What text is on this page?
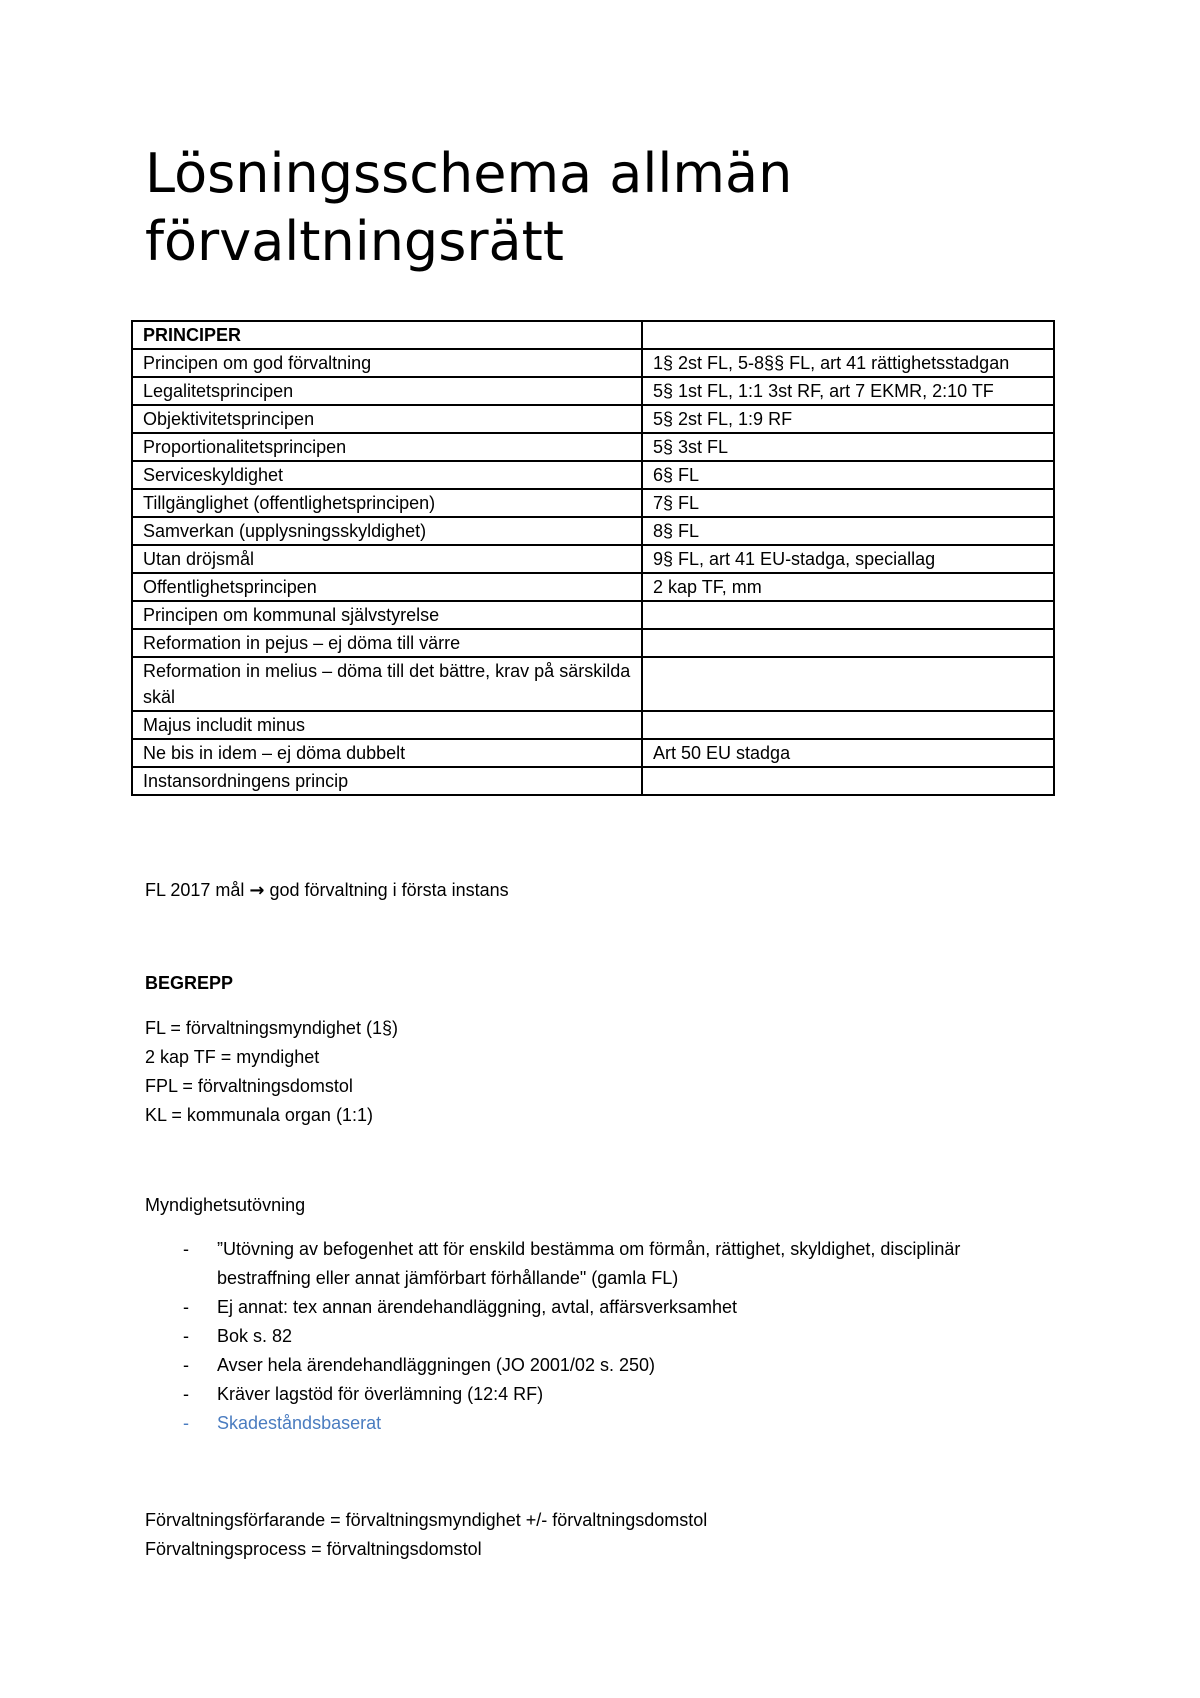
Lösningsschema allmän förvaltningsrätt
PRINCIPER	
Principen om god förvaltning	1§ 2st FL, 5-8§§ FL, art 41 rättighetsstadgan
Legalitetsprincipen	5§ 1st FL, 1:1 3st RF, art 7 EKMR, 2:10 TF
Objektivitetsprincipen	5§ 2st FL, 1:9 RF
Proportionalitetsprincipen	5§ 3st FL
Serviceskyldighet	6§ FL
Tillgänglighet (offentlighetsprincipen)	7§ FL
Samverkan (upplysningsskyldighet)	8§ FL
Utan dröjsmål	9§ FL, art 41 EU-stadga, speciallag
Offentlighetsprincipen	2 kap TF, mm
Principen om kommunal självstyrelse	
Reformation in pejus – ej döma till värre	
Reformation in melius – döma till det bättre, krav på särskilda skäl	
Majus includit minus	
Ne bis in idem – ej döma dubbelt	Art 50 EU stadga
Instansordningens princip	
FL 2017 mål → god förvaltning i första instans
BEGREPP
FL = förvaltningsmyndighet (1§)
2 kap TF = myndighet
FPL = förvaltningsdomstol
KL = kommunala organ (1:1)
Myndighetsutövning
- ”Utövning av befogenhet att för enskild bestämma om förmån, rättighet, skyldighet, disciplinär bestraffning eller annat jämförbart förhållande" (gamla FL)
- Ej annat: tex annan ärendehandläggning, avtal, affärsverksamhet
- Bok s. 82
- Avser hela ärendehandläggningen (JO 2001/02 s. 250)
- Kräver lagstöd för överlämning (12:4 RF)
- Skadeståndsbaserat
Förvaltningsförfarande = förvaltningsmyndighet +/- förvaltningsdomstol
Förvaltningsprocess = förvaltningsdomstol
